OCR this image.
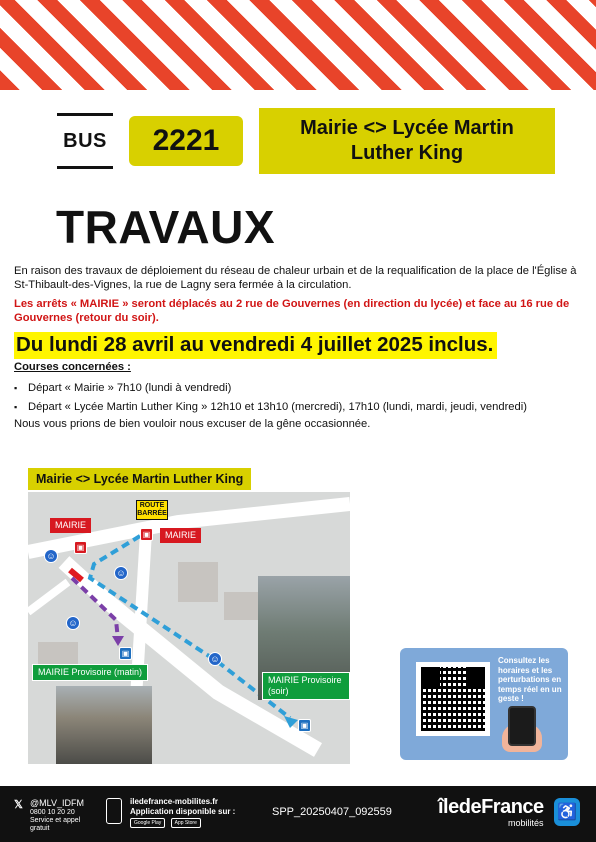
BUS	2221	Mairie <> Lycée Martin Luther King
TRAVAUX

En raison des travaux de déploiement du réseau de chaleur urbain et de la requalification de la place de l'Église à St-Thibault-des-Vignes, la rue de Lagny sera fermée à la circulation.

Les arrêts « MAIRIE » seront déplacés au 2 rue de Gouvernes (en direction du lycée) et face au 16 rue de Gouvernes (retour du soir).

Du lundi 28 avril au vendredi 4 juillet 2025 inclus.
Courses concernées :
▪ Départ « Mairie » 7h10 (lundi à vendredi)
▪ Départ « Lycée Martin Luther King » 12h10 et 13h10 (mercredi), 17h10 (lundi, mardi, jeudi, vendredi)

Nous vous prions de bien vouloir nous excuser de la gêne occasionnée.

Mairie <> Lycée Martin Luther King
MAIRIE
MAIRIE
ROUTE BARRÉE
MAIRIE Provisoire (matin)
MAIRIE Provisoire (soir)
▣
▣
▣
▣
☺
☺
☺
☺	Consultez les horaires et les perturbations en temps réel en un geste !
𝕏 @MLV_IDFM
0800 10 20 20 Service et appel gratuit
iledefrance-mobilites.fr
Application disponible sur :
Google Play	App Store
SPP_20250407_092559 îledeFrance
mobilités
♿
